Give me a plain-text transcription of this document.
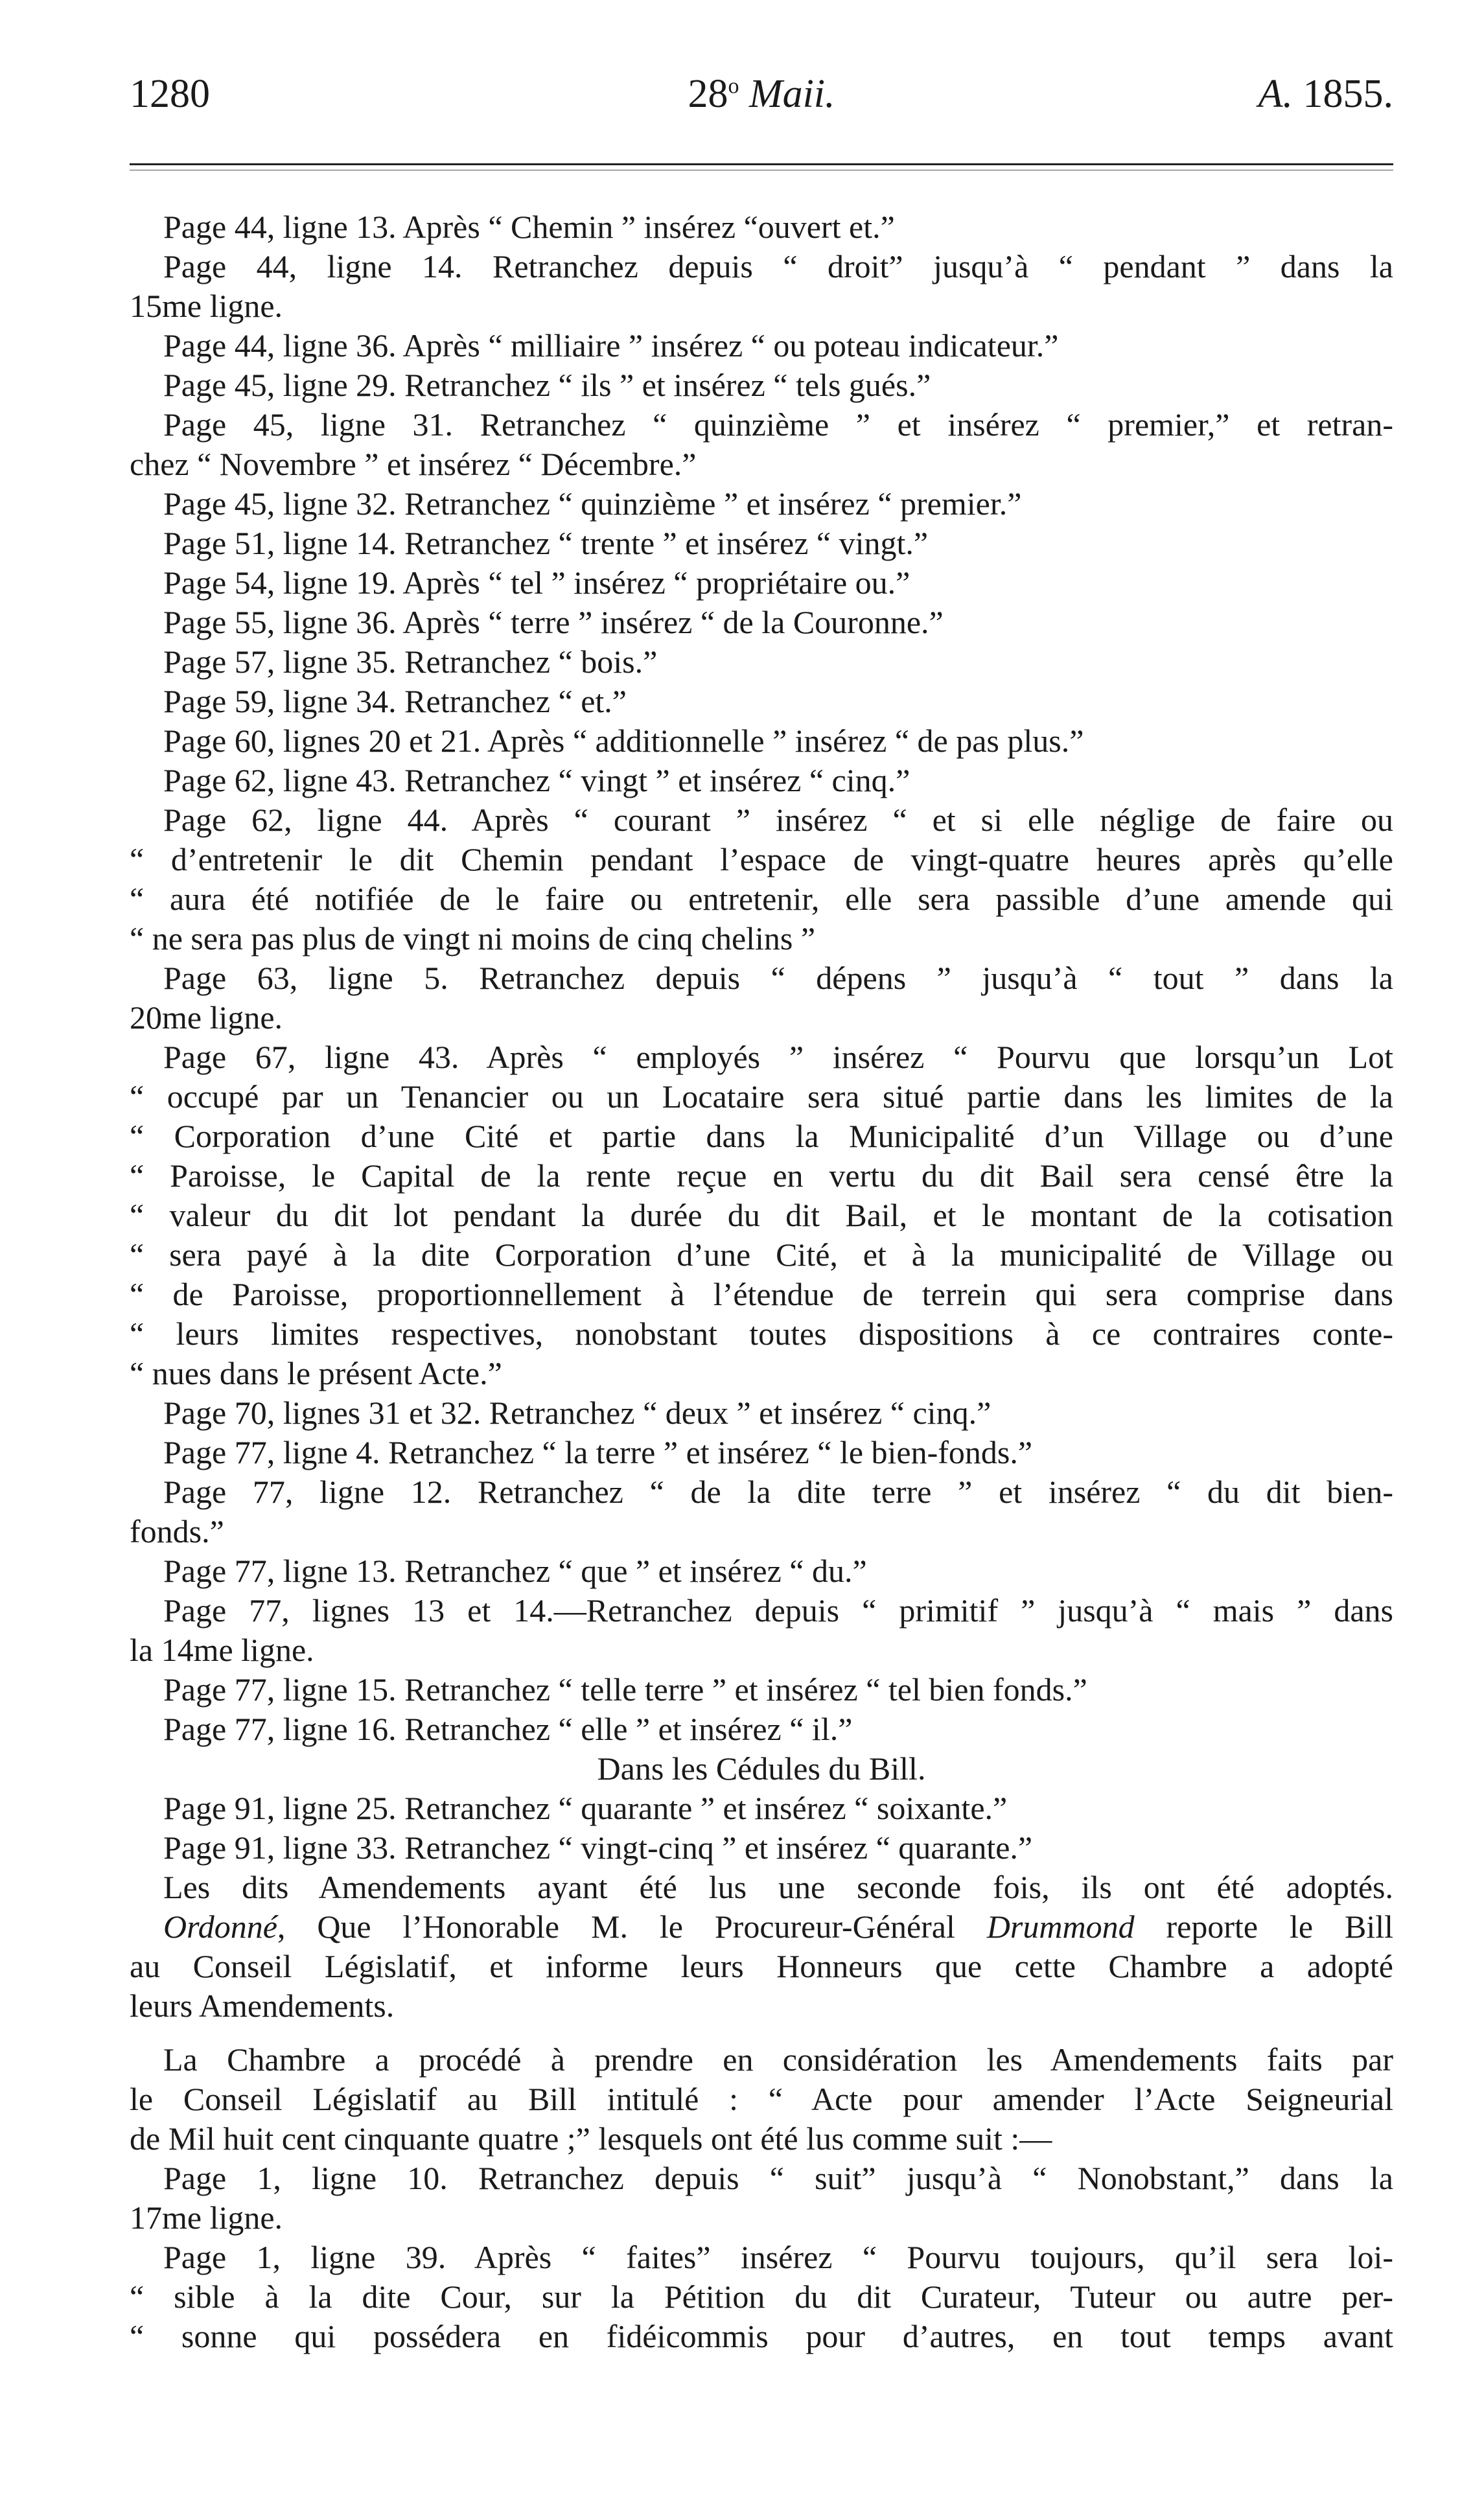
1280	28$^o$ Maii.	A. 1855.
Page 44, ligne 13. Après “ Chemin ” insérez “ouvert et.”
Page 44, ligne 14. Retranchez depuis “ droit” jusqu’à “ pendant ” dans la
15me ligne.
Page 44, ligne 36. Après “ milliaire ” insérez “ ou poteau indicateur.”
Page 45, ligne 29. Retranchez “ ils ” et insérez “ tels gués.”
Page 45, ligne 31. Retranchez “ quinzième ” et insérez “ premier,” et retran-
chez “ Novembre ” et insérez “ Décembre.”
Page 45, ligne 32. Retranchez “ quinzième ” et insérez “ premier.”
Page 51, ligne 14. Retranchez “ trente ” et insérez “ vingt.”
Page 54, ligne 19. Après “ tel ” insérez “ propriétaire ou.”
Page 55, ligne 36. Après “ terre ” insérez “ de la Couronne.”
Page 57, ligne 35. Retranchez “ bois.”
Page 59, ligne 34. Retranchez “ et.”
Page 60, lignes 20 et 21. Après “ additionnelle ” insérez “ de pas plus.”
Page 62, ligne 43. Retranchez “ vingt ” et insérez “ cinq.”
Page 62, ligne 44. Après “ courant ” insérez “ et si elle néglige de faire ou
“ d’entretenir le dit Chemin pendant l’espace de vingt-quatre heures après qu’elle
“ aura été notifiée de le faire ou entretenir, elle sera passible d’une amende qui
“ ne sera pas plus de vingt ni moins de cinq chelins ”
Page 63, ligne 5. Retranchez depuis “ dépens ” jusqu’à “ tout ” dans la
20me ligne.
Page 67, ligne 43. Après “ employés ” insérez “ Pourvu que lorsqu’un Lot
“ occupé par un Tenancier ou un Locataire sera situé partie dans les limites de la
“ Corporation d’une Cité et partie dans la Municipalité d’un Village ou d’une
“ Paroisse, le Capital de la rente reçue en vertu du dit Bail sera censé être la
“ valeur du dit lot pendant la durée du dit Bail, et le montant de la cotisation
“ sera payé à la dite Corporation d’une Cité, et à la municipalité de Village ou
“ de Paroisse, proportionnellement à l’étendue de terrein qui sera comprise dans
“ leurs limites respectives, nonobstant toutes dispositions à ce contraires conte-
“ nues dans le présent Acte.”
Page 70, lignes 31 et 32. Retranchez “ deux ” et insérez “ cinq.”
Page 77, ligne 4. Retranchez “ la terre ” et insérez “ le bien-fonds.”
Page 77, ligne 12. Retranchez “ de la dite terre ” et insérez “ du dit bien-
fonds.”
Page 77, ligne 13. Retranchez “ que ” et insérez “ du.”
Page 77, lignes 13 et 14.—Retranchez depuis “ primitif ” jusqu’à “ mais ” dans
la 14me ligne.
Page 77, ligne 15. Retranchez “ telle terre ” et insérez “ tel bien fonds.”
Page 77, ligne 16. Retranchez “ elle ” et insérez “ il.”
Dans les Cédules du Bill.
Page 91, ligne 25. Retranchez “ quarante ” et insérez “ soixante.”
Page 91, ligne 33. Retranchez “ vingt-cinq ” et insérez “ quarante.”
Les dits Amendements ayant été lus une seconde fois, ils ont été adoptés.
Ordonné, Que l’Honorable M. le Procureur-Général Drummond reporte le Bill
au Conseil Législatif, et informe leurs Honneurs que cette Chambre a adopté
leurs Amendements.
La Chambre a procédé à prendre en considération les Amendements faits par
le Conseil Législatif au Bill intitulé : “ Acte pour amender l’Acte Seigneurial
de Mil huit cent cinquante quatre ;” lesquels ont été lus comme suit :—
Page 1, ligne 10. Retranchez depuis “ suit” jusqu’à “ Nonobstant,” dans la
17me ligne.
Page 1, ligne 39. Après “ faites” insérez “ Pourvu toujours, qu’il sera loi-
“ sible à la dite Cour, sur la Pétition du dit Curateur, Tuteur ou autre per-
“ sonne qui possédera en fidéicommis pour d’autres, en tout temps avant
